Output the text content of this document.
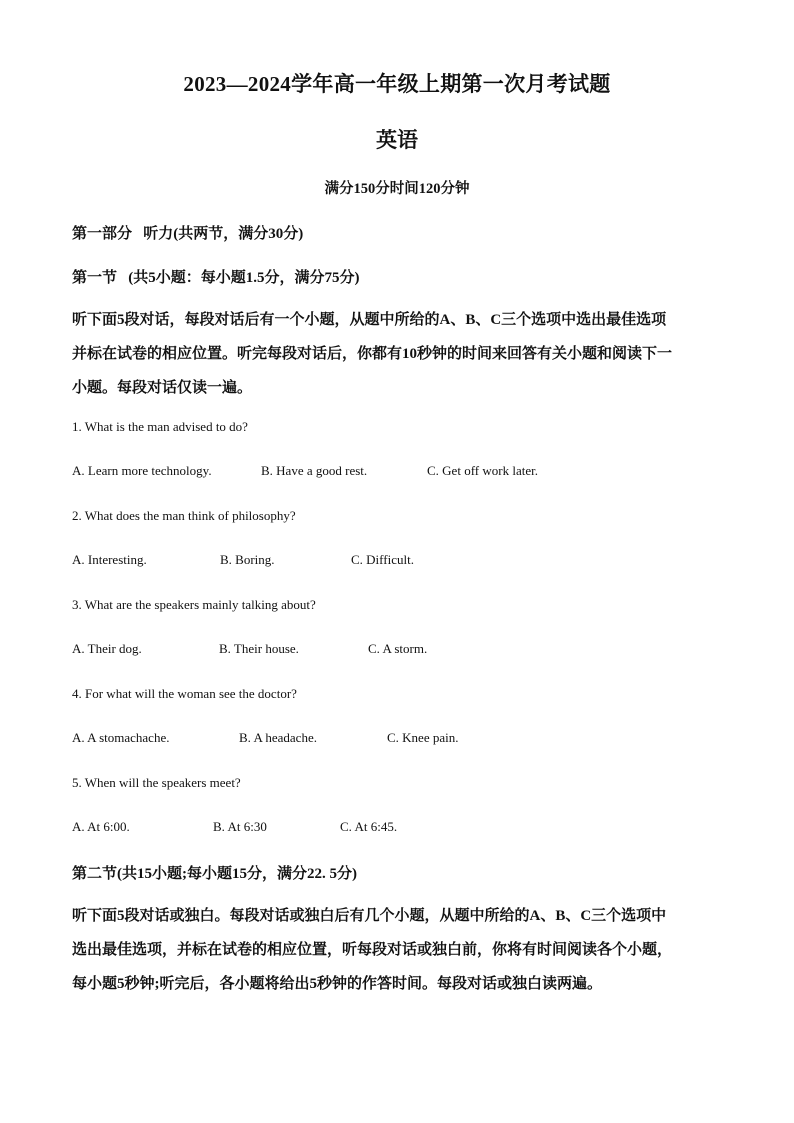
2023—2024学年高一年级上期第一次月考试题
英语
满分150分时间120分钟
第一部分   听力(共两节，满分30分)
第一节   (共5小题：每小题1.5分，满分75分)
听下面5段对话，每段对话后有一个小题，从题中所给的A、B、C三个选项中选出最佳选项
并标在试卷的相应位置。听完每段对话后，你都有10秒钟的时间来回答有关小题和阅读下一
小题。每段对话仅读一遍。
1. What is the man advised to do?
A. Learn more technology.	B. Have a good rest.	C. Get off work later.
2. What does the man think of philosophy?
A. Interesting.	B. Boring.	C. Difficult.
3. What are the speakers mainly talking about?
A. Their dog.	B. Their house.	C. A storm.
4. For what will the woman see the doctor?
A. A stomachache.	B. A headache.	C. Knee pain.
5. When will the speakers meet?
A. At 6:00.	B. At 6:30	C. At 6:45.
第二节(共15小题;每小题15分，满分22. 5分)
听下面5段对话或独白。每段对话或独白后有几个小题，从题中所给的A、B、C三个选项中
选出最佳选项，并标在试卷的相应位置，听每段对话或独白前，你将有时间阅读各个小题，
每小题5秒钟;听完后，各小题将给出5秒钟的作答时间。每段对话或独白读两遍。
